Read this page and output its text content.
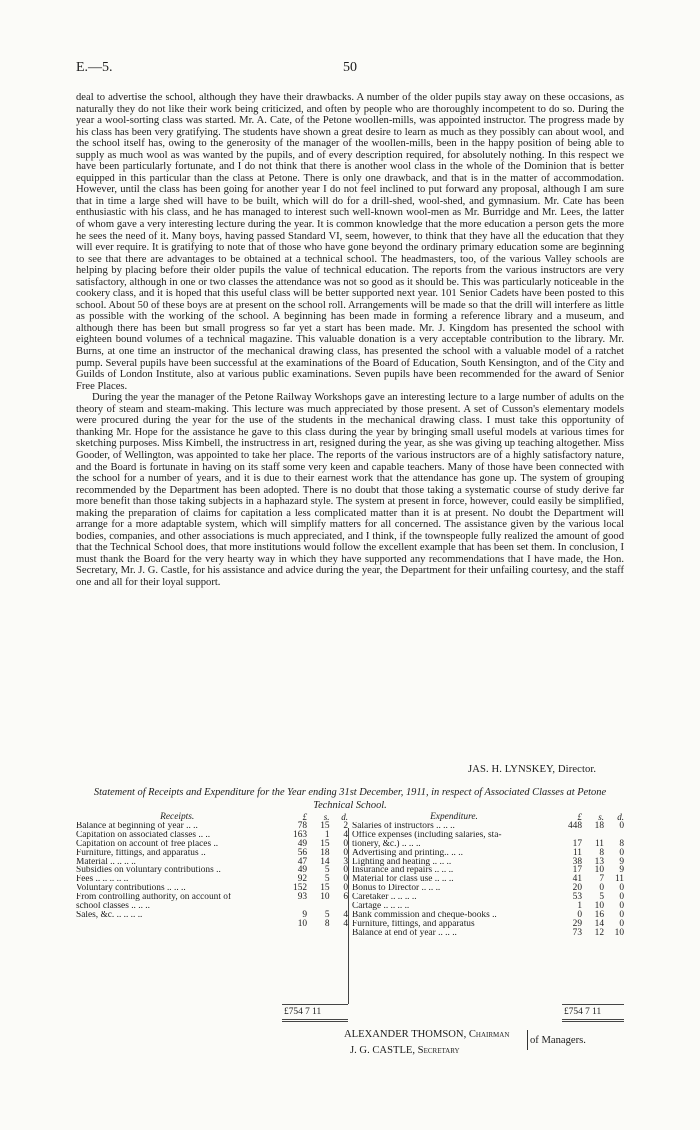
E.—5.	50

deal to advertise the school, although they have their drawbacks. A number of the older pupils stay away on these occasions, as naturally they do not like their work being criticized, and often by people who are thoroughly incompetent to do so. During the year a wool-sorting class was started. Mr. A. Cate, of the Petone woollen-mills, was appointed instructor. The progress made by his class has been very gratifying. The students have shown a great desire to learn as much as they possibly can about wool, and the school itself has, owing to the generosity of the manager of the woollen-mills, been in the happy position of being able to supply as much wool as was wanted by the pupils, and of every description required, for absolutely nothing. In this respect we have been particularly fortunate, and I do not think that there is another wool class in the whole of the Dominion that is better equipped in this particular than the class at Petone. There is only one drawback, and that is in the matter of accommodation. However, until the class has been going for another year I do not feel inclined to put forward any proposal, although I am sure that in time a large shed will have to be built, which will do for a drill-shed, wool-shed, and gymnasium. Mr. Cate has been enthusiastic with his class, and he has managed to interest such well-known wool-men as Mr. Burridge and Mr. Lees, the latter of whom gave a very interesting lecture during the year. It is common knowledge that the more education a person gets the more he sees the need of it. Many boys, having passed Standard VI, seem, however, to think that they have all the education that they will ever require. It is gratifying to note that of those who have gone beyond the ordinary primary education some are beginning to see that there are advantages to be obtained at a technical school. The headmasters, too, of the various Valley schools are helping by placing before their older pupils the value of technical education. The reports from the various instructors are very satisfactory, although in one or two classes the attendance was not so good as it should be. This was particularly noticeable in the cookery class, and it is hoped that this useful class will be better supported next year. 101 Senior Cadets have been posted to this school. About 50 of these boys are at present on the school roll. Arrangements will be made so that the drill will interfere as little as possible with the working of the school. A beginning has been made in forming a reference library and a museum, and although there has been but small progress so far yet a start has been made. Mr. J. Kingdom has presented the school with eighteen bound volumes of a technical magazine. This valuable donation is a very acceptable contribution to the library. Mr. Burns, at one time an instructor of the mechanical drawing class, has presented the school with a valuable model of a ratchet pump. Several pupils have been successful at the examinations of the Board of Education, South Kensington, and of the City and Guilds of London Institute, also at various public examinations. Seven pupils have been recommended for the award of Senior Free Places.

During the year the manager of the Petone Railway Workshops gave an interesting lecture to a large number of adults on the theory of steam and steam-making. This lecture was much appreciated by those present. A set of Cusson's elementary models were procured during the year for the use of the students in the mechanical drawing class. I must take this opportunity of thanking Mr. Hope for the assistance he gave to this class during the year by bringing small useful models at various times for sketching purposes. Miss Kimbell, the instructress in art, resigned during the year, as she was giving up teaching altogether. Miss Gooder, of Wellington, was appointed to take her place. The reports of the various instructors are of a highly satisfactory nature, and the Board is fortunate in having on its staff some very keen and capable teachers. Many of those have been connected with the school for a number of years, and it is due to their earnest work that the attendance has gone up. The system of grouping recommended by the Department has been adopted. There is no doubt that those taking a systematic course of study derive far more benefit than those taking subjects in a haphazard style. The system at present in force, however, could easily be simplified, making the preparation of claims for capitation a less complicated matter than it is at present. No doubt the Department will arrange for a more adaptable system, which will simplify matters for all concerned. The assistance given by the various local bodies, companies, and other associations is much appreciated, and I think, if the townspeople fully realized the amount of good that the Technical School does, that more institutions would follow the excellent example that has been set them. In conclusion, I must thank the Board for the very hearty way in which they have supported any recommendations that I have made, the Hon. Secretary, Mr. J. G. Castle, for his assistance and advice during the year, the Department for their unfailing courtesy, and the staff one and all for their loyal support.

JAS. H. LYNSKEY, Director.
Statement of Receipts and Expenditure for the Year ending 31st December, 1911, in respect of Associated Classes at Petone Technical School.
Receipts.	£	s.	d.
Balance at beginning of year .. ..	78	15	2
Capitation on associated classes .. ..	163	1	4
Capitation on account of free places ..	49	15	0
Furniture, fittings, and apparatus ..	56	18	0
Material .. .. .. ..	47	14	3
Subsidies on voluntary contributions ..	49	5	0
Fees .. .. .. .. ..	92	5	0
Voluntary contributions .. .. ..	152	15	0
From controlling authority, on account of	93	10	6
school classes .. .. ..			
Sales, &c. .. .. .. ..	9	5	4
	10	8	4
Expenditure.	£	s.	d.
Salaries of instructors .. .. ..	448	18	0
Office expenses (including salaries, sta-			
tionery, &c.) .. .. ..	17	11	8
Advertising and printing.. .. ..	11	8	0
Lighting and heating .. .. ..	38	13	9
Insurance and repairs .. .. ..	17	10	9
Material for class use .. .. ..	41	7	11
Bonus to Director .. .. ..	20	0	0
Caretaker .. .. .. ..	53	5	0
Cartage .. .. .. ..	1	10	0
Bank commission and cheque-books ..	0	16	0
Furniture, fittings, and apparatus	29	14	0
Balance at end of year .. .. ..	73	12	10
£754 7 11	£754 7 11
ALEXANDER THOMSON, Chairman
J. G. CASTLE, Secretary
of Managers.
